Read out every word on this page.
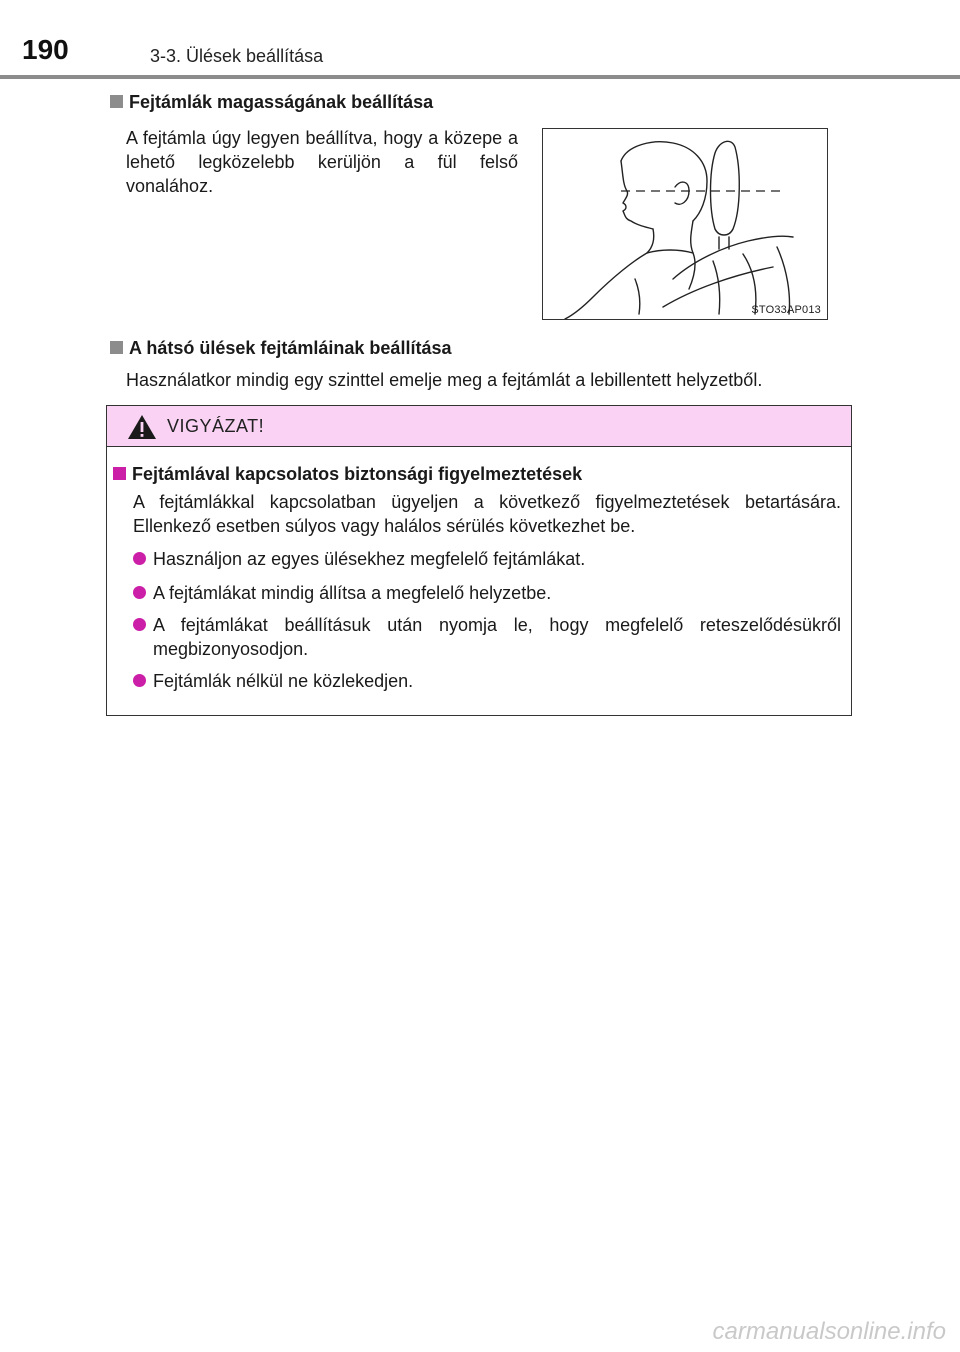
190	3-3. Ülések beállítása
Fejtámlák magasságának beállítása
A fejtámla úgy legyen beállítva, hogy a közepe a lehető legközelebb kerüljön a fül felső vonalához.
STO33AP013
A hátsó ülések fejtámláinak beállítása
Használatkor mindig egy szinttel emelje meg a fejtámlát a lebillentett helyzetből.
VIGYÁZAT!
Fejtámlával kapcsolatos biztonsági figyelmeztetések
A fejtámlákkal kapcsolatban ügyeljen a következő figyelmeztetések betartására. Ellenkező esetben súlyos vagy halálos sérülés következhet be.
Használjon az egyes ülésekhez megfelelő fejtámlákat.
A fejtámlákat mindig állítsa a megfelelő helyzetbe.
A fejtámlákat beállításuk után nyomja le, hogy megfelelő reteszelődésükről megbizonyosodjon.
Fejtámlák nélkül ne közlekedjen.
carmanualsonline.info
